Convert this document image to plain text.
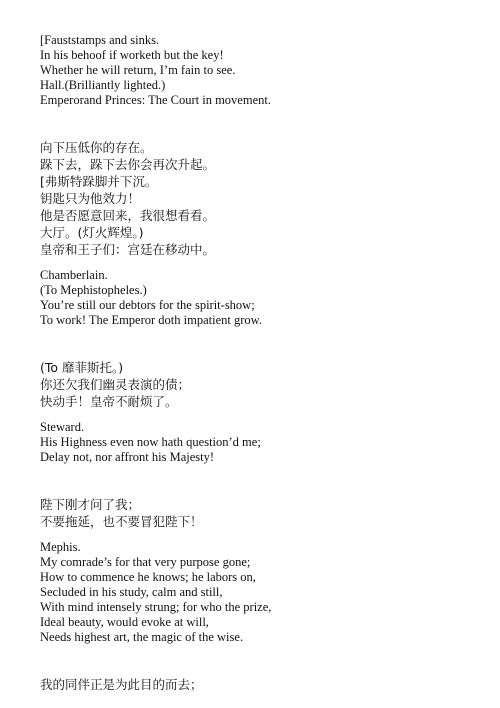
[Fauststamps and sinks.
In his behoof if worketh but the key!
Whether he will return, I’m fain to see.
Hall.(Brilliantly lighted.)
Emperorand Princes: The Court in movement.

向下压低你的存在。
跺下去，跺下去你会再次升起。
[弗斯特跺脚并下沉。
钥匙只为他效力！
他是否愿意回来，我很想看看。
大厅。(灯火辉煌。)
皇帝和王子们：宫廷在移动中。

Chamberlain.
(To Mephistopheles.)
You’re still our debtors for the spirit-show;
To work! The Emperor doth impatient grow.

(To 靡菲斯托。)
你还欠我们幽灵表演的债；
快动手！皇帝不耐烦了。

Steward.
His Highness even now hath question’d me;
Delay not, nor affront his Majesty!

陛下刚才问了我；
不要拖延，也不要冒犯陛下！

Mephis.
My comrade’s for that very purpose gone;
How to commence he knows; he labors on,
Secluded in his study, calm and still,
With mind intensely strung; for who the prize,
Ideal beauty, would evoke at will,
Needs highest art, the magic of the wise.

我的同伴正是为此目的而去；
